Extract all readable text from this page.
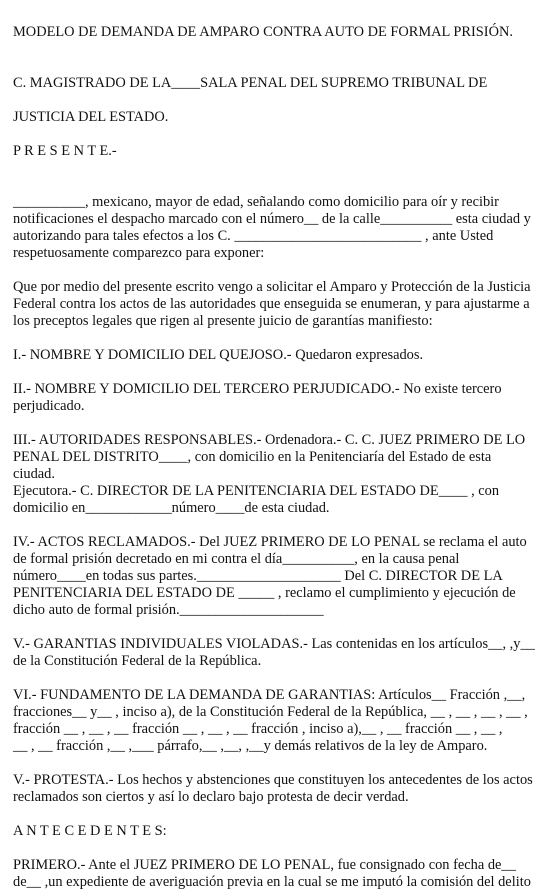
MODELO DE DEMANDA DE AMPARO CONTRA AUTO DE FORMAL PRISIÓN.

C. MAGISTRADO DE LA____SALA PENAL DEL SUPREMO TRIBUNAL DE

JUSTICIA DEL ESTADO.

P R E S E N T E.-

__________, mexicano, mayor de edad, señalando como domicilio para oír y recibir
notificaciones el despacho marcado con el número__ de la calle__________ esta ciudad y
autorizando para tales efectos a los C. __________________________ , ante Usted
respetuosamente comparezco para exponer:
Que por medio del presente escrito vengo a solicitar el Amparo y Protección de la Justicia
Federal contra los actos de las autoridades que enseguida se enumeran, y para ajustarme a
los preceptos legales que rigen al presente juicio de garantías manifiesto:
I.- NOMBRE Y DOMICILIO DEL QUEJOSO.- Quedaron expresados.
II.- NOMBRE Y DOMICILIO DEL TERCERO PERJUDICADO.- No existe tercero
perjudicado.
III.- AUTORIDADES RESPONSABLES.- Ordenadora.- C. C. JUEZ PRIMERO DE LO
PENAL DEL DISTRITO____, con domicilio en la Penitenciaría del Estado de esta ciudad.
Ejecutora.- C. DIRECTOR DE LA PENITENCIARIA DEL ESTADO DE____ , con
domicilio en____________número____de esta ciudad.
IV.- ACTOS RECLAMADOS.- Del JUEZ PRIMERO DE LO PENAL se reclama el auto
de formal prisión decretado en mi contra el día__________, en la causa penal
número____en todas sus partes.____________________ Del C. DIRECTOR DE LA
PENITENCIARIA DEL ESTADO DE _____ , reclamo el cumplimiento y ejecución de
dicho auto de formal prisión.____________________
V.- GARANTIAS INDIVIDUALES VIOLADAS.- Las contenidas en los artículos__, ,y__
de la Constitución Federal de la República.
VI.- FUNDAMENTO DE LA DEMANDA DE GARANTIAS: Artículos__ Fracción ,__,
fracciones__ y__ , inciso a), de la Constitución Federal de la República, __ , __ , __ , __ ,
fracción __ , __ , __ fracción __ , __ , __ fracción , inciso a),__ , __ fracción __ , __ ,
__ , __ fracción ,__ ,___ párrafo,__ ,__, ,__y demás relativos de la ley de Amparo.
V.- PROTESTA.- Los hechos y abstenciones que constituyen los antecedentes de los actos
reclamados son ciertos y así lo declaro bajo protesta de decir verdad.
A N T E C E D E N T E S:
PRIMERO.- Ante el JUEZ PRIMERO DE LO PENAL, fue consignado con fecha de__
de__ ,un expediente de averiguación previa en la cual se me imputó la comisión del delito
